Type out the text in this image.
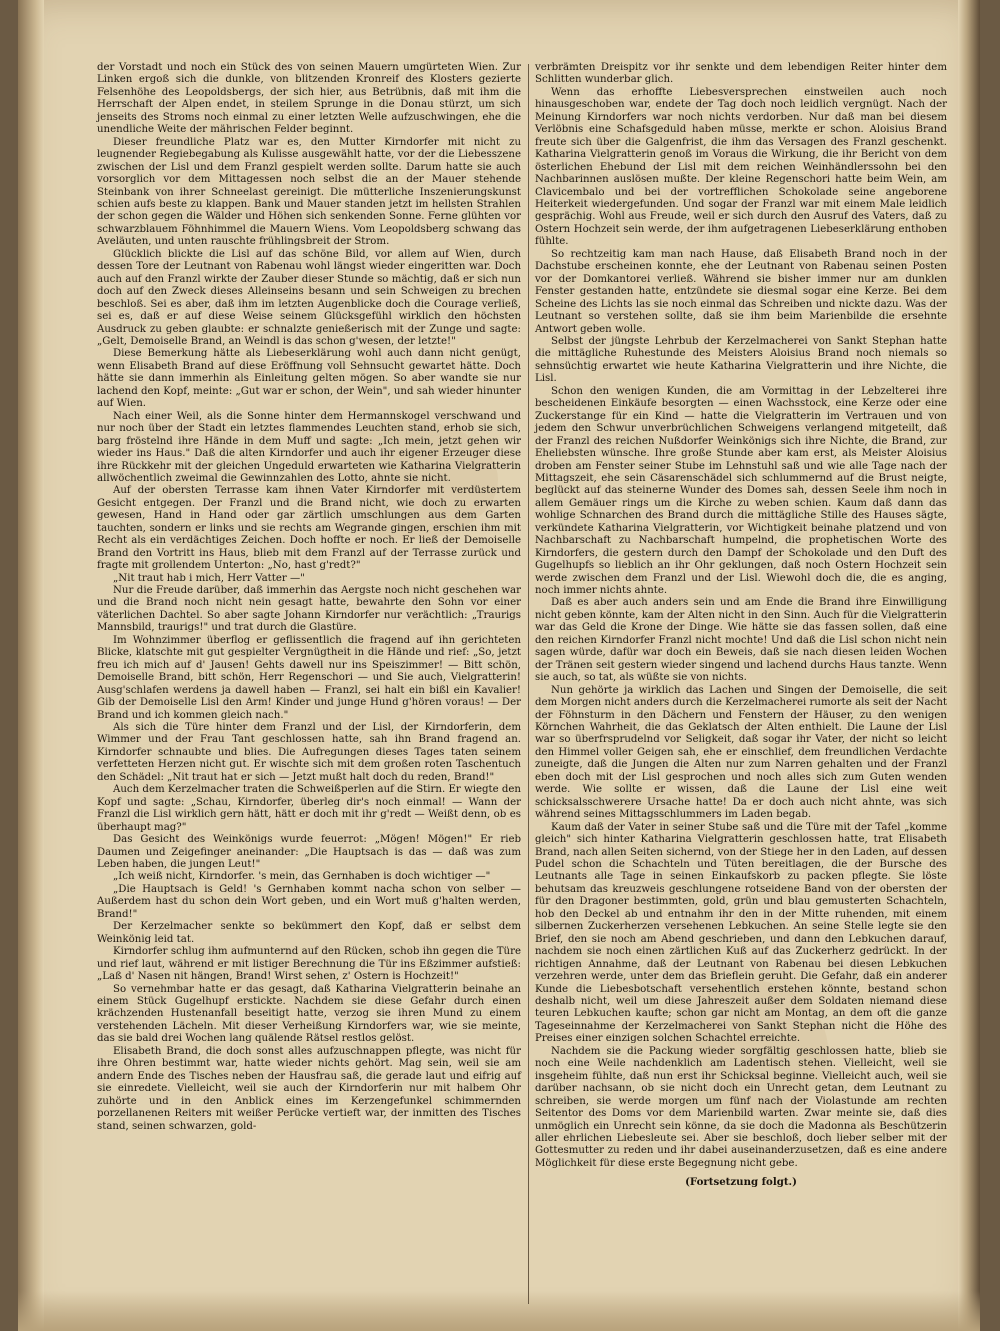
der Vorstadt und noch ein Stück des von seinen Mauern umgürteten Wien. Zur Linken ergoß sich die dunkle, von blitzenden Kronreif des Klosters gezierte Felsenhöhe des Leopoldsbergs, der sich hier, aus Betrübnis, daß mit ihm die Herrschaft der Alpen endet, in steilem Sprunge in die Donau stürzt, um sich jenseits des Stroms noch einmal zu einer letzten Welle aufzuschwingen, ehe die unendliche Weite der mährischen Felder beginnt.

Dieser freundliche Platz war es, den Mutter Kirndorfer mit nicht zu leugnender Regiebegabung als Kulisse ausgewählt hatte, vor der die Liebesszene zwischen der Lisl und dem Franzl gespielt werden sollte. Darum hatte sie auch vorsorglich vor dem Mittagessen noch selbst die an der Mauer stehende Steinbank von ihrer Schneelast gereinigt. Die mütterliche Inszenierungskunst schien aufs beste zu klappen. Bank und Mauer standen jetzt im hellsten Strahlen der schon gegen die Wälder und Höhen sich senkenden Sonne. Ferne glühten vor schwarzblauem Föhnhimmel die Mauern Wiens. Vom Leopoldsberg schwang das Aveläuten, und unten rauschte frühlingsbreit der Strom.

Glücklich blickte die Lisl auf das schöne Bild, vor allem auf Wien, durch dessen Tore der Leutnant von Rabenau wohl längst wieder eingeritten war. Doch auch auf den Franzl wirkte der Zauber dieser Stunde so mächtig, daß er sich nun doch auf den Zweck dieses Alleinseins besann und sein Schweigen zu brechen beschloß. Sei es aber, daß ihm im letzten Augenblicke doch die Courage verließ, sei es, daß er auf diese Weise seinem Glücksgefühl wirklich den höchsten Ausdruck zu geben glaubte: er schnalzte genießerisch mit der Zunge und sagte: „Gelt, Demoiselle Brand, an Weindl is das schon g'wesen, der letzte!"

Diese Bemerkung hätte als Liebeserklärung wohl auch dann nicht genügt, wenn Elisabeth Brand auf diese Eröffnung voll Sehnsucht gewartet hätte. Doch hätte sie dann immerhin als Einleitung gelten mögen. So aber wandte sie nur lachend den Kopf, meinte: „Gut war er schon, der Wein", und sah wieder hinunter auf Wien.

Nach einer Weil, als die Sonne hinter dem Hermannskogel verschwand und nur noch über der Stadt ein letztes flammendes Leuchten stand, erhob sie sich, barg fröstelnd ihre Hände in dem Muff und sagte: „Ich mein, jetzt gehen wir wieder ins Haus." Daß die alten Kirndorfer und auch ihr eigener Erzeuger diese ihre Rückkehr mit der gleichen Ungeduld erwarteten wie Katharina Vielgratterin allwöchentlich zweimal die Gewinnzahlen des Lotto, ahnte sie nicht.

Auf der obersten Terrasse kam ihnen Vater Kirndorfer mit verdüstertem Gesicht entgegen. Der Franzl und die Brand nicht, wie doch zu erwarten gewesen, Hand in Hand oder gar zärtlich umschlungen aus dem Garten tauchten, sondern er links und sie rechts am Wegrande gingen, erschien ihm mit Recht als ein verdächtiges Zeichen. Doch hoffte er noch. Er ließ der Demoiselle Brand den Vortritt ins Haus, blieb mit dem Franzl auf der Terrasse zurück und fragte mit grollendem Unterton: „No, hast g'redt?"

„Nit traut hab i mich, Herr Vatter —"

Nur die Freude darüber, daß immerhin das Aergste noch nicht geschehen war und die Brand noch nicht nein gesagt hatte, bewahrte den Sohn vor einer väterlichen Dachtel. So aber sagte Johann Kirndorfer nur verächtlich: „Traurigs Mannsbild, traurigs!" und trat durch die Glastüre.

Im Wohnzimmer überflog er geflissentlich die fragend auf ihn gerichteten Blicke, klatschte mit gut gespielter Vergnügtheit in die Hände und rief: „So, jetzt freu ich mich auf d' Jausen! Gehts dawell nur ins Speiszimmer! — Bitt schön, Demoiselle Brand, bitt schön, Herr Regenschori — und Sie auch, Vielgratterin! Ausg'schlafen werdens ja dawell haben — Franzl, sei halt ein bißl ein Kavalier! Gib der Demoiselle Lisl den Arm! Kinder und junge Hund g'hören voraus! — Der Brand und ich kommen gleich nach."

Als sich die Türe hinter dem Franzl und der Lisl, der Kirndorferin, dem Wimmer und der Frau Tant geschlossen hatte, sah ihn Brand fragend an. Kirndorfer schnaubte und blies. Die Aufregungen dieses Tages taten seinem verfetteten Herzen nicht gut. Er wischte sich mit dem großen roten Taschentuch den Schädel: „Nit traut hat er sich — Jetzt mußt halt doch du reden, Brand!"

Auch dem Kerzelmacher traten die Schweißperlen auf die Stirn. Er wiegte den Kopf und sagte: „Schau, Kirndorfer, überleg dir's noch einmal! — Wann der Franzl die Lisl wirklich gern hätt, hätt er doch mit ihr g'redt — Weißt denn, ob es überhaupt mag?"

Das Gesicht des Weinkönigs wurde feuerrot: „Mögen! Mögen!" Er rieb Daumen und Zeigefinger aneinander: „Die Hauptsach is das — daß was zum Leben haben, die jungen Leut!"

„Ich weiß nicht, Kirndorfer. 's mein, das Gernhaben is doch wichtiger —"

„Die Hauptsach is Geld! 's Gernhaben kommt nacha schon von selber — Außerdem hast du schon dein Wort geben, und ein Wort muß g'halten werden, Brand!"

Der Kerzelmacher senkte so bekümmert den Kopf, daß er selbst dem Weinkönig leid tat.

Kirndorfer schlug ihm aufmunternd auf den Rücken, schob ihn gegen die Türe und rief laut, während er mit listiger Berechnung die Tür ins Eßzimmer aufstieß: „Laß d' Nasen nit hängen, Brand! Wirst sehen, z' Ostern is Hochzeit!"

So vernehmbar hatte er das gesagt, daß Katharina Vielgratterin beinahe an einem Stück Gugelhupf erstickte. Nachdem sie diese Gefahr durch einen krächzenden Hustenanfall beseitigt hatte, verzog sie ihren Mund zu einem verstehenden Lächeln. Mit dieser Verheißung Kirndorfers war, wie sie meinte, das sie bald drei Wochen lang quälende Rätsel restlos gelöst.

Elisabeth Brand, die doch sonst alles aufzuschnappen pflegte, was nicht für ihre Ohren bestimmt war, hatte wieder nichts gehört. Mag sein, weil sie am andern Ende des Tisches neben der Hausfrau saß, die gerade laut und eifrig auf sie einredete. Vielleicht, weil sie auch der Kirndorferin nur mit halbem Ohr zuhörte und in den Anblick eines im Kerzengefunkel schimmernden porzellanenen Reiters mit weißer Perücke vertieft war, der inmitten des Tisches stand, seinen schwarzen, gold-

verbrämten Dreispitz vor ihr senkte und dem lebendigen Reiter hinter dem Schlitten wunderbar glich.

Wenn das erhoffte Liebesversprechen einstweilen auch noch hinausgeschoben war, endete der Tag doch noch leidlich vergnügt. Nach der Meinung Kirndorfers war noch nichts verdorben. Nur daß man bei diesem Verlöbnis eine Schafsgeduld haben müsse, merkte er schon. Aloisius Brand freute sich über die Galgenfrist, die ihm das Versagen des Franzl geschenkt. Katharina Vielgratterin genoß im Voraus die Wirkung, die ihr Bericht von dem österlichen Ehebund der Lisl mit dem reichen Weinhändlerssohn bei den Nachbarinnen auslösen mußte. Der kleine Regenschori hatte beim Wein, am Clavicembalo und bei der vortrefflichen Schokolade seine angeborene Heiterkeit wiedergefunden. Und sogar der Franzl war mit einem Male leidlich gesprächig. Wohl aus Freude, weil er sich durch den Ausruf des Vaters, daß zu Ostern Hochzeit sein werde, der ihm aufgetragenen Liebeserklärung enthoben fühlte.

So rechtzeitig kam man nach Hause, daß Elisabeth Brand noch in der Dachstube erscheinen konnte, ehe der Leutnant von Rabenau seinen Posten vor der Domkantorei verließ. Während sie bisher immer nur am dunklen Fenster gestanden hatte, entzündete sie diesmal sogar eine Kerze. Bei dem Scheine des Lichts las sie noch einmal das Schreiben und nickte dazu. Was der Leutnant so verstehen sollte, daß sie ihm beim Marienbilde die ersehnte Antwort geben wolle.

Selbst der jüngste Lehrbub der Kerzelmacherei von Sankt Stephan hatte die mittägliche Ruhestunde des Meisters Aloisius Brand noch niemals so sehnsüchtig erwartet wie heute Katharina Vielgratterin und ihre Nichte, die Lisl.

Schon den wenigen Kunden, die am Vormittag in der Lebzelterei ihre bescheidenen Einkäufe besorgten — einen Wachsstock, eine Kerze oder eine Zuckerstange für ein Kind — hatte die Vielgratterin im Vertrauen und von jedem den Schwur unverbrüchlichen Schweigens verlangend mitgeteilt, daß der Franzl des reichen Nußdorfer Weinkönigs sich ihre Nichte, die Brand, zur Eheliebsten wünsche. Ihre große Stunde aber kam erst, als Meister Aloisius droben am Fenster seiner Stube im Lehnstuhl saß und wie alle Tage nach der Mittagszeit, ehe sein Cäsarenschädel sich schlummernd auf die Brust neigte, beglückt auf das steinerne Wunder des Domes sah, dessen Seele ihm noch in allem Gemäuer rings um die Kirche zu weben schien. Kaum daß dann das wohlige Schnarchen des Brand durch die mittägliche Stille des Hauses sägte, verkündete Katharina Vielgratterin, vor Wichtigkeit beinahe platzend und von Nachbarschaft zu Nachbarschaft humpelnd, die prophetischen Worte des Kirndorfers, die gestern durch den Dampf der Schokolade und den Duft des Gugelhupfs so lieblich an ihr Ohr geklungen, daß noch Ostern Hochzeit sein werde zwischen dem Franzl und der Lisl. Wiewohl doch die, die es anging, noch immer nichts ahnte.

Daß es aber auch anders sein und am Ende die Brand ihre Einwilligung nicht geben könnte, kam der Alten nicht in den Sinn. Auch für die Vielgratterin war das Geld die Krone der Dinge. Wie hätte sie das fassen sollen, daß eine den reichen Kirndorfer Franzl nicht mochte! Und daß die Lisl schon nicht nein sagen würde, dafür war doch ein Beweis, daß sie nach diesen leiden Wochen der Tränen seit gestern wieder singend und lachend durchs Haus tanzte. Wenn sie auch, so tat, als wüßte sie von nichts.

Nun gehörte ja wirklich das Lachen und Singen der Demoiselle, die seit dem Morgen nicht anders durch die Kerzelmacherei rumorte als seit der Nacht der Föhnsturm in den Dächern und Fenstern der Häuser, zu den wenigen Körnchen Wahrheit, die das Geklatsch der Alten enthielt. Die Laune der Lisl war so überfrsprudelnd vor Seligkeit, daß sogar ihr Vater, der nicht so leicht den Himmel voller Geigen sah, ehe er einschlief, dem freundlichen Verdachte zuneigte, daß die Jungen die Alten nur zum Narren gehalten und der Franzl eben doch mit der Lisl gesprochen und noch alles sich zum Guten wenden werde. Wie sollte er wissen, daß die Laune der Lisl eine weit schicksalsschwerere Ursache hatte! Da er doch auch nicht ahnte, was sich während seines Mittagsschlummers im Laden begab.

Kaum daß der Vater in seiner Stube saß und die Türe mit der Tafel „komme gleich" sich hinter Katharina Vielgratterin geschlossen hatte, trat Elisabeth Brand, nach allen Seiten sichernd, von der Stiege her in den Laden, auf dessen Pudel schon die Schachteln und Tüten bereitlagen, die der Bursche des Leutnants alle Tage in seinen Einkaufskorb zu packen pflegte. Sie löste behutsam das kreuzweis geschlungene rotseidene Band von der obersten der für den Dragoner bestimmten, gold, grün und blau gemusterten Schachteln, hob den Deckel ab und entnahm ihr den in der Mitte ruhenden, mit einem silbernen Zuckerherzen versehenen Lebkuchen. An seine Stelle legte sie den Brief, den sie noch am Abend geschrieben, und dann den Lebkuchen darauf, nachdem sie noch einen zärtlichen Kuß auf das Zuckerherz gedrückt. In der richtigen Annahme, daß der Leutnant von Rabenau bei diesen Lebkuchen verzehren werde, unter dem das Brieflein geruht. Die Gefahr, daß ein anderer Kunde die Liebesbotschaft versehentlich erstehen könnte, bestand schon deshalb nicht, weil um diese Jahreszeit außer dem Soldaten niemand diese teuren Lebkuchen kaufte; schon gar nicht am Montag, an dem oft die ganze Tageseinnahme der Kerzelmacherei von Sankt Stephan nicht die Höhe des Preises einer einzigen solchen Schachtel erreichte.

Nachdem sie die Packung wieder sorgfältig geschlossen hatte, blieb sie noch eine Weile nachdenklich am Ladentisch stehen. Vielleicht, weil sie insgeheim fühlte, daß nun erst ihr Schicksal beginne. Vielleicht auch, weil sie darüber nachsann, ob sie nicht doch ein Unrecht getan, dem Leutnant zu schreiben, sie werde morgen um fünf nach der Violastunde am rechten Seitentor des Doms vor dem Marienbild warten. Zwar meinte sie, daß dies unmöglich ein Unrecht sein könne, da sie doch die Madonna als Beschützerin aller ehrlichen Liebesleute sei. Aber sie beschloß, doch lieber selber mit der Gottesmutter zu reden und ihr dabei auseinanderzusetzen, daß es eine andere Möglichkeit für diese erste Begegnung nicht gebe.

(Fortsetzung folgt.)
